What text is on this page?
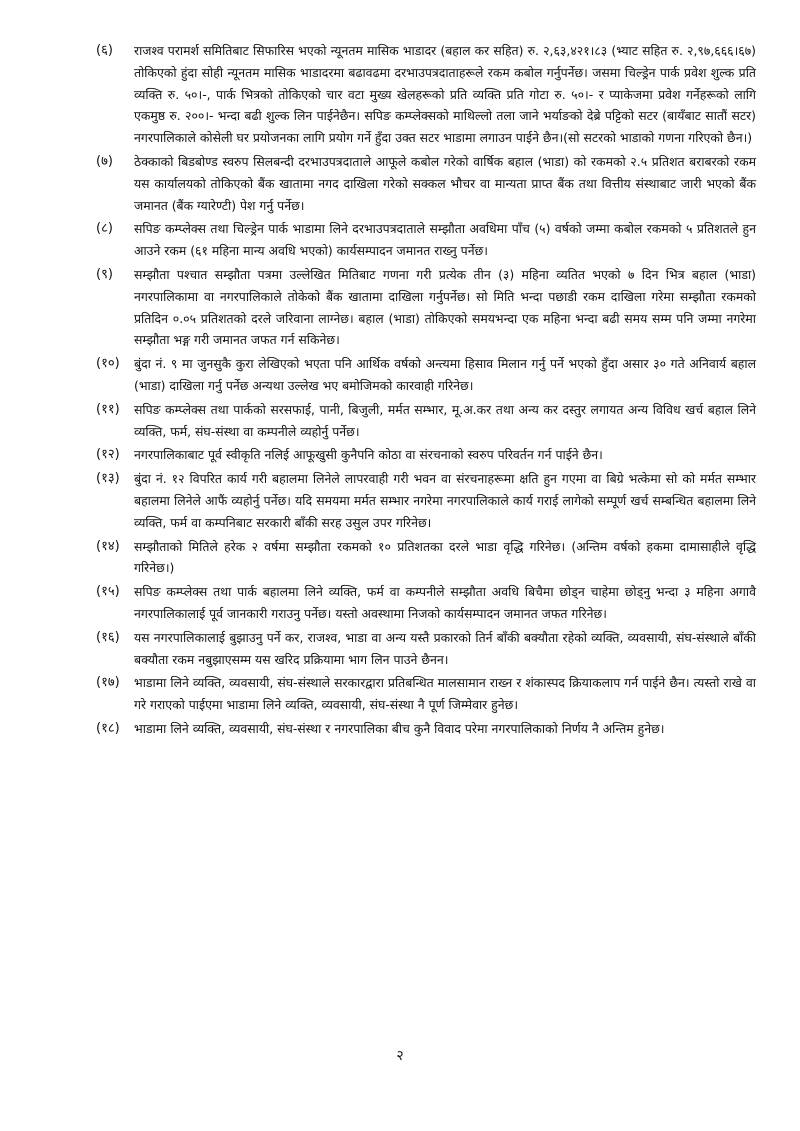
(६)	राजश्व परामर्श समितिबाट सिफारिस भएको न्यूनतम मासिक भाडादर (बहाल कर सहित) रु. २,६३,४२१।८३ (भ्याट सहित रु. २,९७,६६६।६७) तोकिएको हुंदा सोही न्यूनतम मासिक भाडादरमा बढावढमा दरभाउपत्रदाताहरूले रकम कबोल गर्नुपर्नेछ। जसमा चिल्ड्रेन पार्क प्रवेश शुल्क प्रति व्यक्ति रु. ५०।-, पार्क भित्रको तोकिएको चार वटा मुख्य खेलहरूको प्रति व्यक्ति प्रति गोटा रु. ५०।- र प्याकेजमा प्रवेश गर्नेहरूको लागि एकमुष्ठ रु. २००।- भन्दा बढी शुल्क लिन पाईनेछैन। सपिङ कम्प्लेक्सको माथिल्लो तला जाने भर्याङको देब्रे पट्टिको सटर (बायँबाट सातौं सटर) नगरपालिकाले कोसेली घर प्रयोजनका लागि प्रयोग गर्ने हुँदा उक्त सटर भाडामा लगाउन पाईने छैन।(सो सटरको भाडाको गणना गरिएको छैन।)
(७)	ठेक्काको बिडबोण्ड स्वरुप सिलबन्दी दरभाउपत्रदाताले आफूले कबोल गरेको वार्षिक बहाल (भाडा) को रकमको २.५ प्रतिशत बराबरको रकम यस कार्यालयको तोकिएको बैंक खातामा नगद दाखिला गरेको सक्कल भौचर वा मान्यता प्राप्त बैंक तथा वित्तीय संस्थाबाट जारी भएको बैंक जमानत (बैंक ग्यारेण्टी) पेश गर्नु पर्नेछ।
(८)	सपिङ कम्प्लेक्स तथा चिल्ड्रेन पार्क भाडामा लिने दरभाउपत्रदाताले सम्झौता अवधिमा पाँच (५) वर्षको जम्मा कबोल रकमको ५ प्रतिशतले हुन आउने रकम (६१ महिना मान्य अवधि भएको) कार्यसम्पादन जमानत राख्नु पर्नेछ।
(९)	सम्झौता पश्चात सम्झौता पत्रमा उल्लेखित मितिबाट गणना गरी प्रत्येक तीन (३) महिना व्यतित भएको ७ दिन भित्र बहाल (भाडा) नगरपालिकामा वा नगरपालिकाले तोकेको बैंक खातामा दाखिला गर्नुपर्नेछ। सो मिति भन्दा पछाडी रकम दाखिला गरेमा सम्झौता रकमको प्रतिदिन ०.०५ प्रतिशतको दरले जरिवाना लाग्नेछ। बहाल (भाडा) तोकिएको समयभन्दा एक महिना भन्दा बढी समय सम्म पनि जम्मा नगरेमा सम्झौता भङ्ग गरी जमानत जफत गर्न सकिनेछ।
(१०)	बुंदा नं. ९ मा जुनसुकै कुरा लेखिएको भएता पनि आर्थिक वर्षको अन्त्यमा हिसाव मिलान गर्नु पर्ने भएको हुँदा असार ३० गते अनिवार्य बहाल (भाडा) दाखिला गर्नु पर्नेछ अन्यथा उल्लेख भए बमोजिमको कारवाही गरिनेछ।
(११)	सपिङ कम्प्लेक्स तथा पार्कको सरसफाई, पानी, बिजुली, मर्मत सम्भार, मू.अ.कर तथा अन्य कर दस्तुर लगायत अन्य विविध खर्च बहाल लिने व्यक्ति, फर्म, संघ-संस्था वा कम्पनीले व्यहोर्नु पर्नेछ।
(१२)	नगरपालिकाबाट पूर्व स्वीकृति नलिई आफूखुसी कुनैपनि कोठा वा संरचनाको स्वरुप परिवर्तन गर्न पाईने छैन।
(१३)	बुंदा नं. १२ विपरित कार्य गरी बहालमा लिनेले लापरवाही गरी भवन वा संरचनाहरूमा क्षति हुन गएमा वा बिग्रे भत्केमा सो को मर्मत सम्भार बहालमा लिनेले आफैं व्यहोर्नु पर्नेछ। यदि समयमा मर्मत सम्भार नगरेमा नगरपालिकाले कार्य गराई लागेको सम्पूर्ण खर्च सम्बन्धित बहालमा लिने व्यक्ति, फर्म वा कम्पनिबाट सरकारी बाँकी सरह उसुल उपर गरिनेछ।
(१४)	सम्झौताको मितिले हरेक २ वर्षमा सम्झौता रकमको १० प्रतिशतका दरले भाडा वृद्धि गरिनेछ। (अन्तिम वर्षको हकमा दामासाहीले वृद्धि गरिनेछ।)
(१५)	सपिङ कम्प्लेक्स तथा पार्क बहालमा लिने व्यक्ति, फर्म वा कम्पनीले सम्झौता अवधि बिचैमा छोड्न चाहेमा छोड्नु भन्दा ३ महिना अगावै नगरपालिकालाई पूर्व जानकारी गराउनु पर्नेछ। यस्तो अवस्थामा निजको कार्यसम्पादन जमानत जफत गरिनेछ।
(१६)	यस नगरपालिकालाई बुझाउनु पर्ने कर, राजश्व, भाडा वा अन्य यस्तै प्रकारको तिर्न बाँकी बक्यौता रहेको व्यक्ति, व्यवसायी, संघ-संस्थाले बाँकी बक्यौता रकम नबुझाएसम्म यस खरिद प्रक्रियामा भाग लिन पाउने छैनन।
(१७)	भाडामा लिने व्यक्ति, व्यवसायी, संघ-संस्थाले सरकारद्वारा प्रतिबन्धित मालसामान राख्न र शंकास्पद क्रियाकलाप गर्न पाईने छैन। त्यस्तो राखे वा गरे गराएको पाईएमा भाडामा लिने व्यक्ति, व्यवसायी, संघ-संस्था नै पूर्ण जिम्मेवार हुनेछ।
(१८)	भाडामा लिने व्यक्ति, व्यवसायी, संघ-संस्था र नगरपालिका बीच कुनै विवाद परेमा नगरपालिकाको निर्णय नै अन्तिम हुनेछ।
२
